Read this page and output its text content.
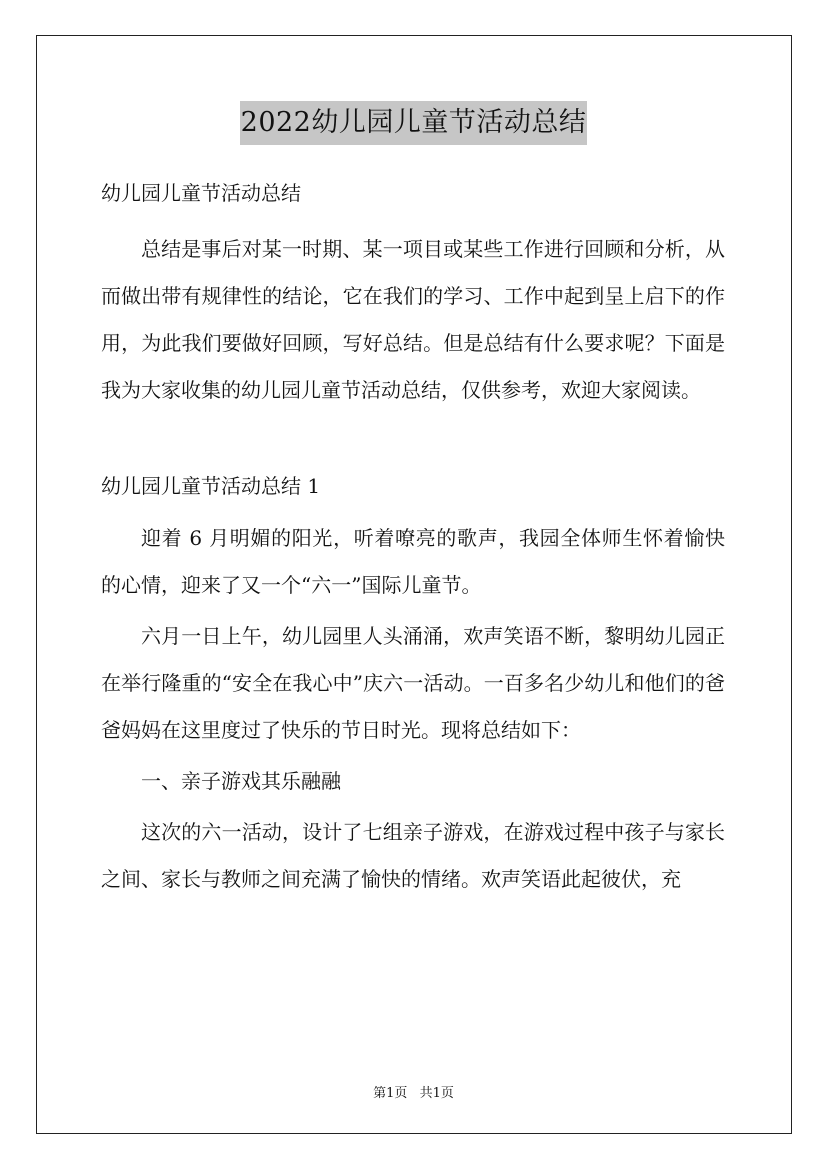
2022幼儿园儿童节活动总结

幼儿园儿童节活动总结

总结是事后对某一时期、某一项目或某些工作进行回顾和分析，从而做出带有规律性的结论，它在我们的学习、工作中起到呈上启下的作用，为此我们要做好回顾，写好总结。但是总结有什么要求呢？下面是我为大家收集的幼儿园儿童节活动总结，仅供参考，欢迎大家阅读。

幼儿园儿童节活动总结 1

迎着 6 月明媚的阳光，听着嘹亮的歌声，我园全体师生怀着愉快的心情，迎来了又一个“六一”国际儿童节。

六月一日上午，幼儿园里人头涌涌，欢声笑语不断，黎明幼儿园正在举行隆重的“安全在我心中”庆六一活动。一百多名少幼儿和他们的爸爸妈妈在这里度过了快乐的节日时光。现将总结如下：

一、亲子游戏其乐融融

这次的六一活动，设计了七组亲子游戏，在游戏过程中孩子与家长之间、家长与教师之间充满了愉快的情绪。欢声笑语此起彼伏，充

第1页 共1页
